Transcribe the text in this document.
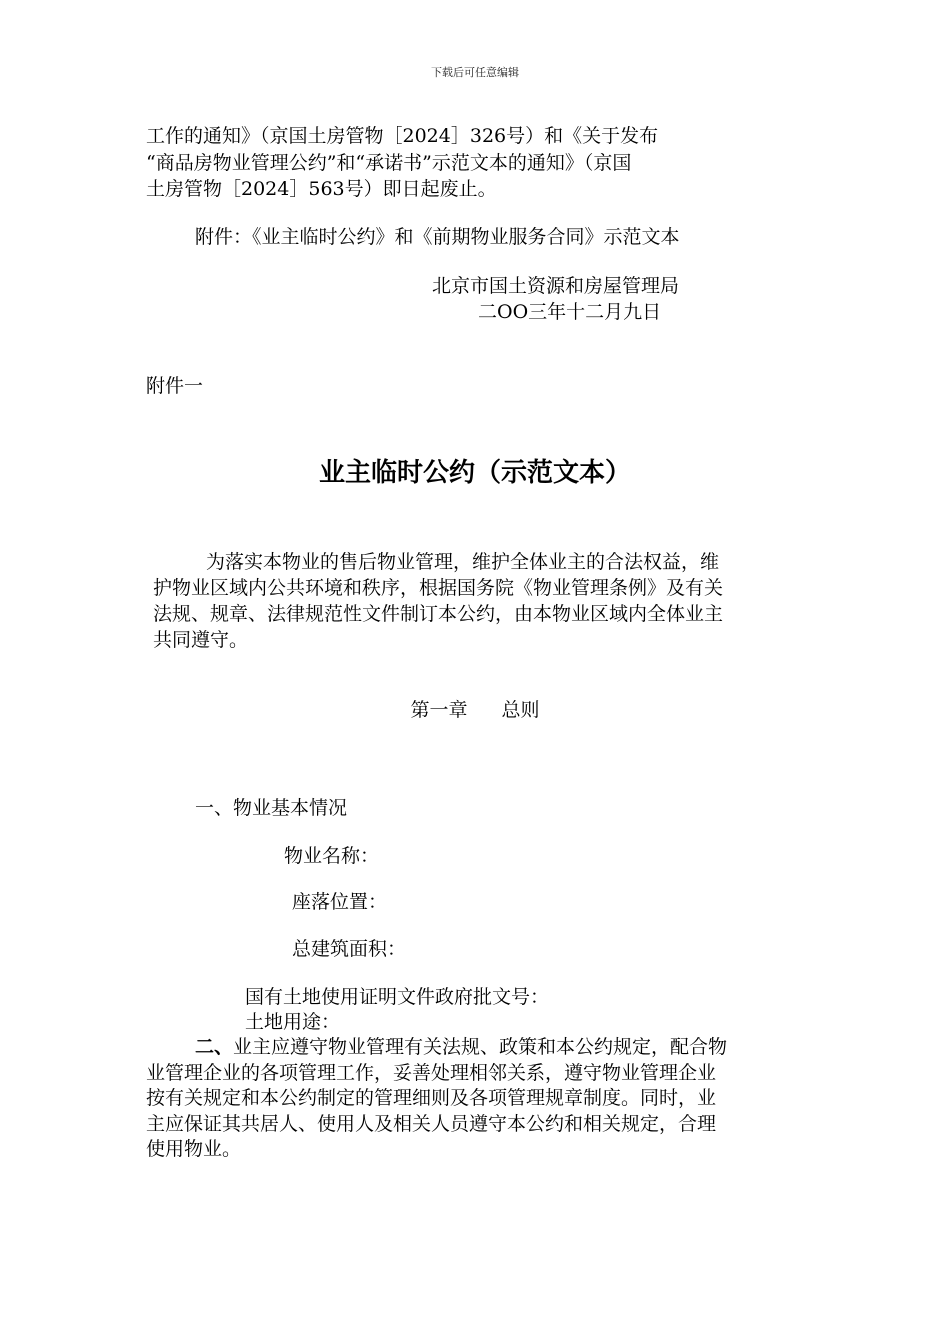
下载后可任意编辑

工作的通知》（京国土房管物［2024］326号）和《关于发布

“商品房物业管理公约”和“承诺书”示范文本的通知》（京国

土房管物［2024］563号）即日起废止。

附件：《业主临时公约》和《前期物业服务合同》示范文本

北京市国土资源和房屋管理局

二OO三年十二月九日

附件一

业主临时公约（示范文本）

为落实本物业的售后物业管理，维护全体业主的合法权益，维

护物业区域内公共环境和秩序，根据国务院《物业管理条例》及有关

法规、规章、法律规范性文件制订本公约，由本物业区域内全体业主

共同遵守。

第一章 总则

一、物业基本情况

物业名称：

座落位置：

总建筑面积：

国有土地使用证明文件政府批文号：

土地用途：

二、业主应遵守物业管理有关法规、政策和本公约规定，配合物

业管理企业的各项管理工作，妥善处理相邻关系，遵守物业管理企业

按有关规定和本公约制定的管理细则及各项管理规章制度。同时，业

主应保证其共居人、使用人及相关人员遵守本公约和相关规定，合理

使用物业。
